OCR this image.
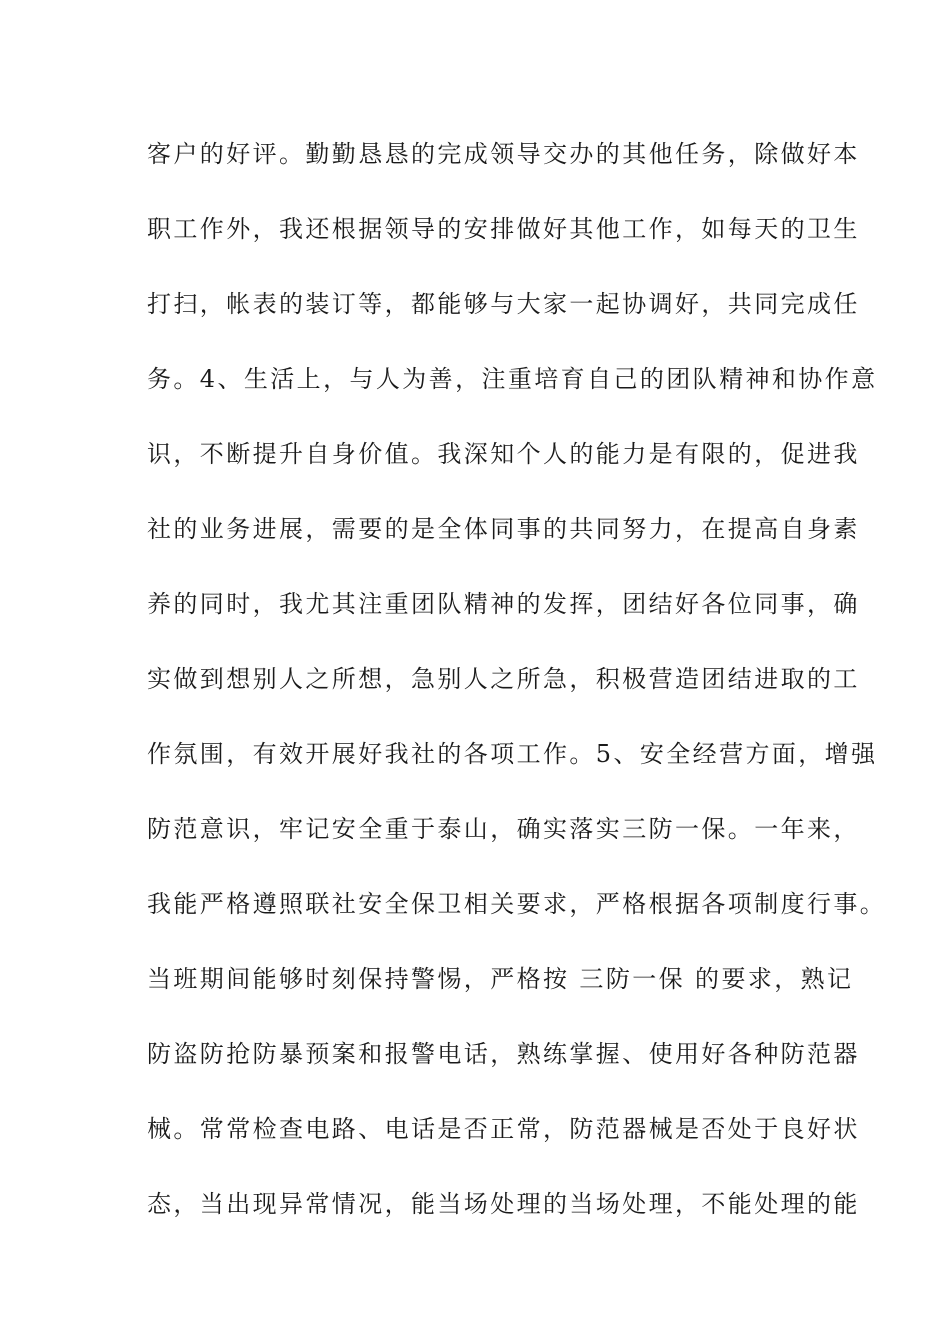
客户的好评。勤勤恳恳的完成领导交办的其他任务，除做好本
职工作外，我还根据领导的安排做好其他工作，如每天的卫生
打扫，帐表的装订等，都能够与大家一起协调好，共同完成任
务。4、生活上，与人为善，注重培育自己的团队精神和协作意
识，不断提升自身价值。我深知个人的能力是有限的，促进我
社的业务进展，需要的是全体同事的共同努力，在提高自身素
养的同时，我尤其注重团队精神的发挥，团结好各位同事，确
实做到想别人之所想，急别人之所急，积极营造团结进取的工
作氛围，有效开展好我社的各项工作。5、安全经营方面，增强
防范意识，牢记安全重于泰山，确实落实三防一保。一年来，
我能严格遵照联社安全保卫相关要求，严格根据各项制度行事。
当班期间能够时刻保持警惕，严格按 三防一保 的要求，熟记
防盗防抢防暴预案和报警电话，熟练掌握、使用好各种防范器
械。常常检查电路、电话是否正常，防范器械是否处于良好状
态，当出现异常情况，能当场处理的当场处理，不能处理的能
